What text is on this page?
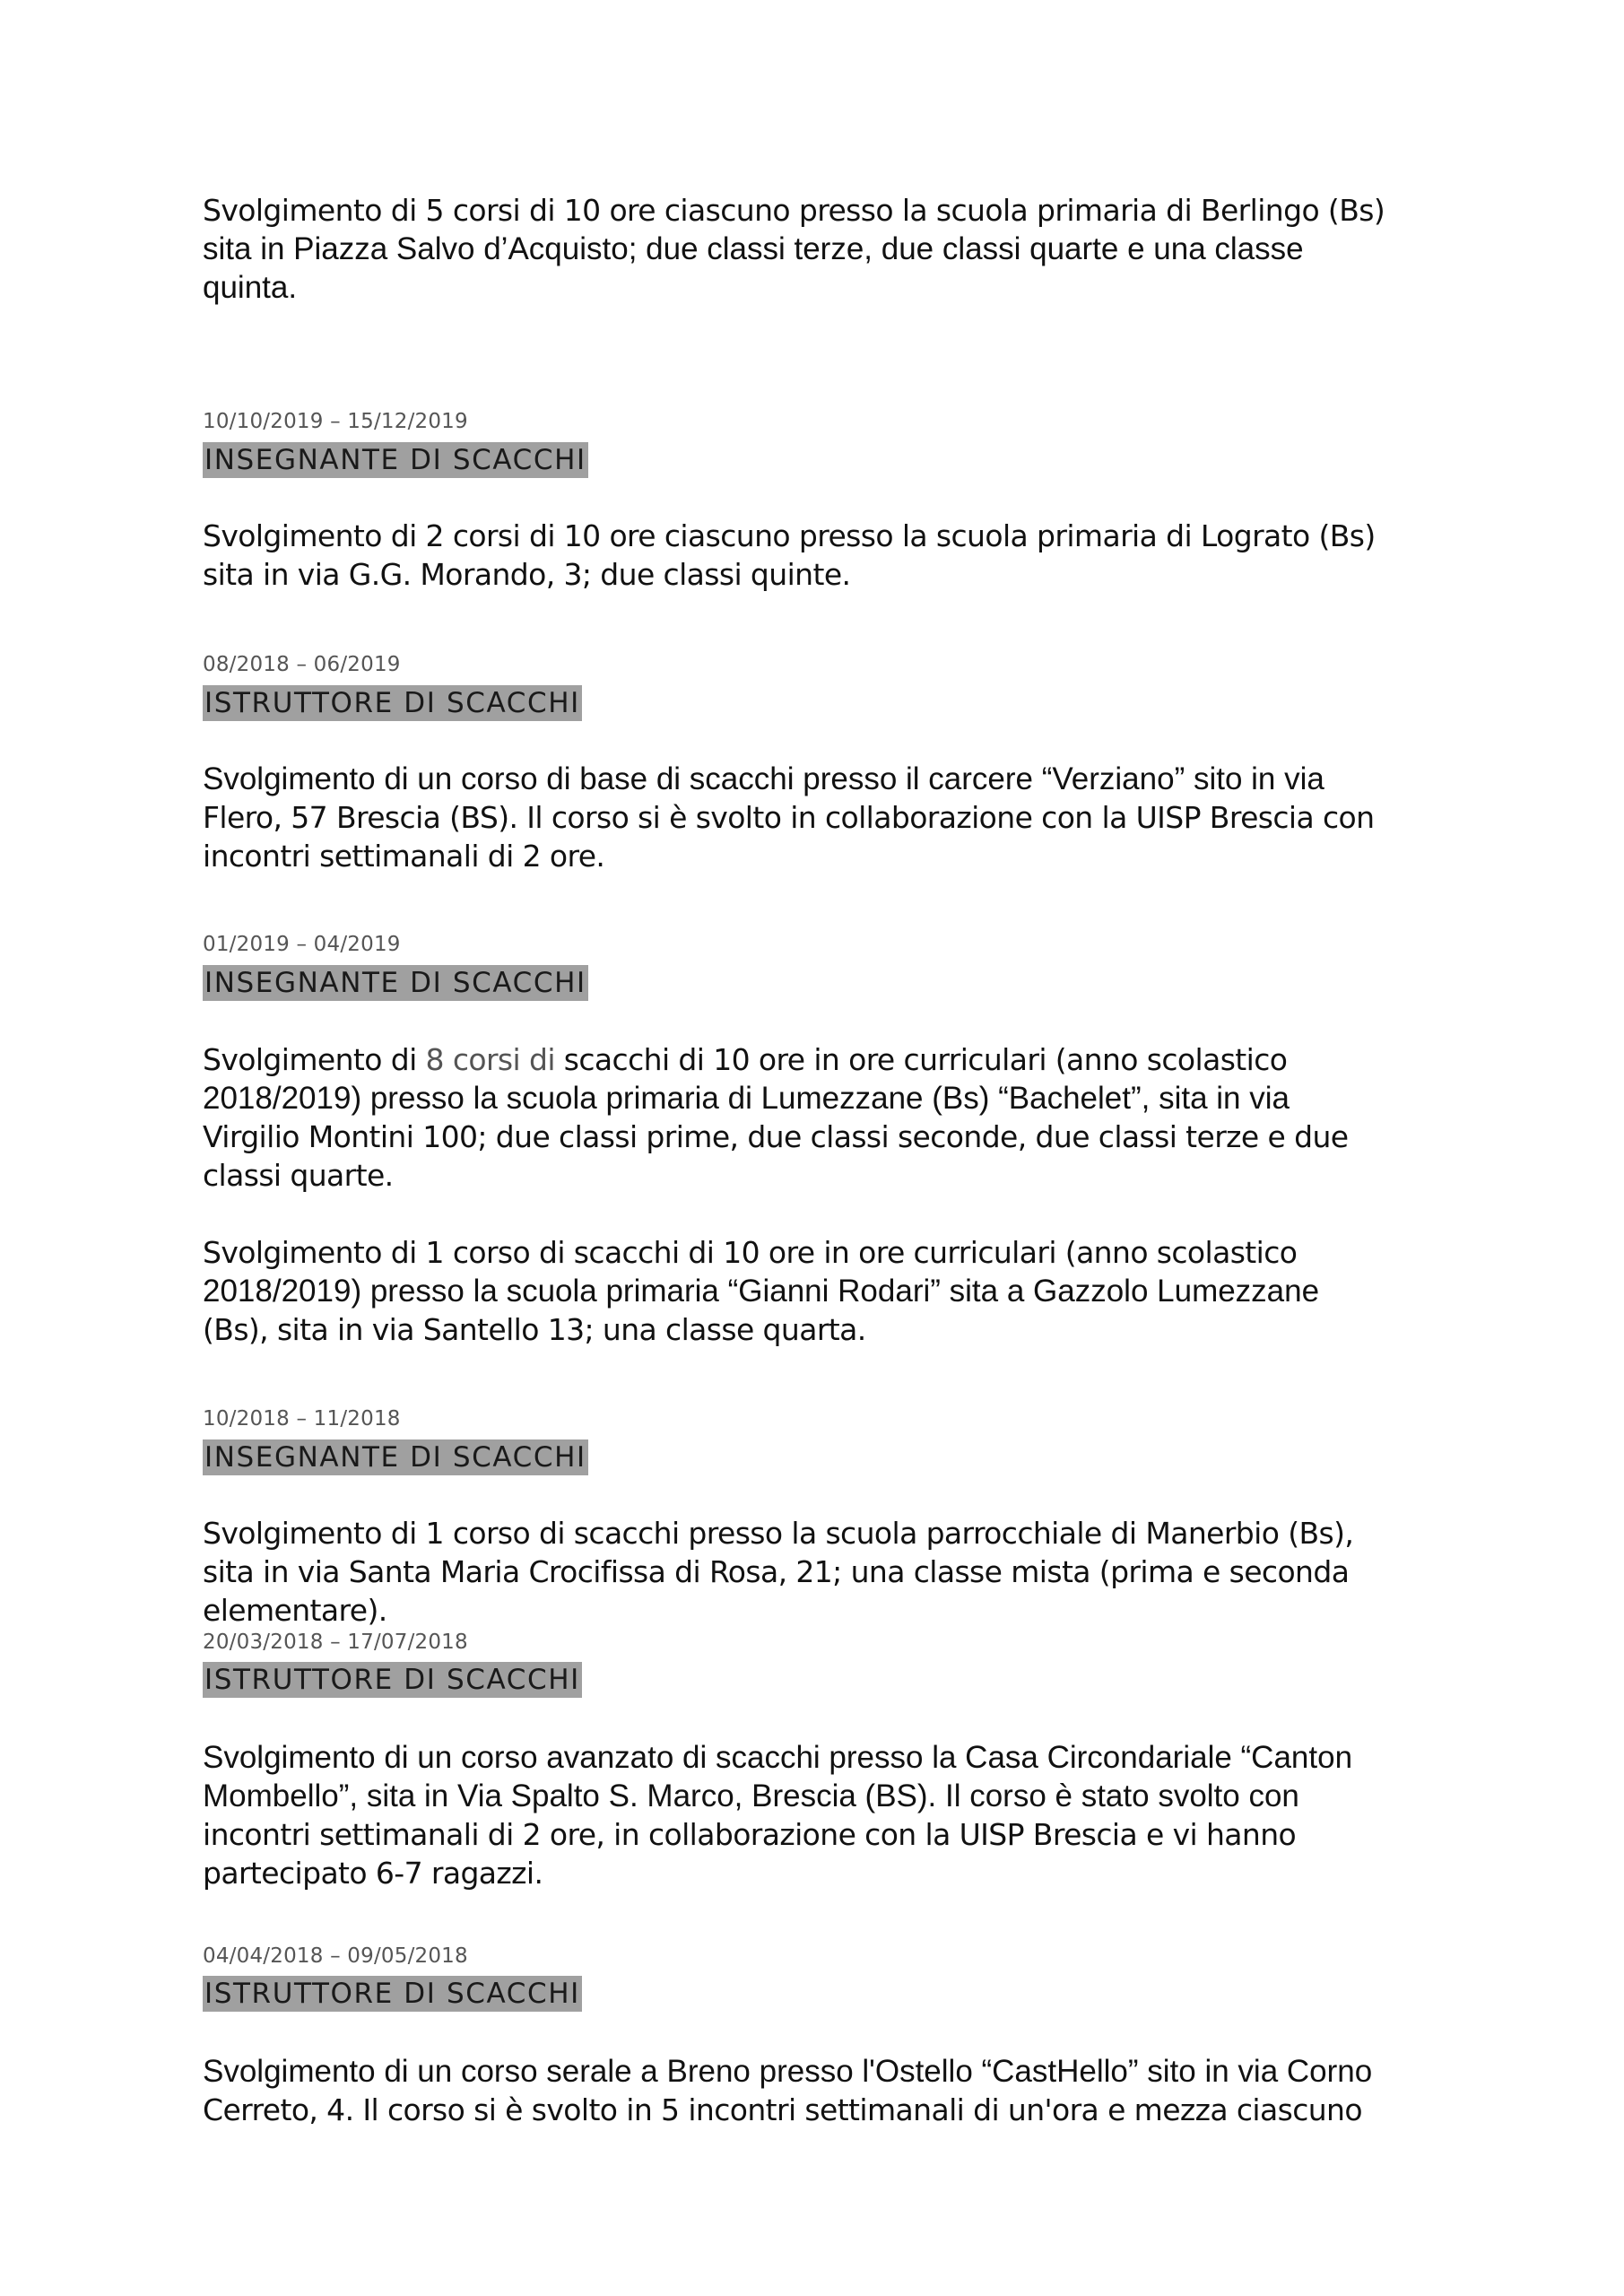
Svolgimento di 5 corsi di 10 ore ciascuno presso la scuola primaria di Berlingo (Bs)
sita in Piazza Salvo d’Acquisto; due classi terze, due classi quarte e una classe
quinta.

10/10/2019 – 15/12/2019
INSEGNANTE DI SCACCHI

Svolgimento di 2 corsi di 10 ore ciascuno presso la scuola primaria di Lograto (Bs)
sita in via G.G. Morando, 3; due classi quinte.

08/2018 – 06/2019
ISTRUTTORE DI SCACCHI

Svolgimento di un corso di base di scacchi presso il carcere “Verziano” sito in via
Flero, 57 Brescia (BS). Il corso si è svolto in collaborazione con la UISP Brescia con
incontri settimanali di 2 ore.

01/2019 – 04/2019
INSEGNANTE DI SCACCHI

Svolgimento di 8 corsi di scacchi di 10 ore in ore curriculari (anno scolastico
2018/2019) presso la scuola primaria di Lumezzane (Bs) “Bachelet”, sita in via
Virgilio Montini 100; due classi prime, due classi seconde, due classi terze e due
classi quarte.

Svolgimento di 1 corso di scacchi di 10 ore in ore curriculari (anno scolastico
2018/2019) presso la scuola primaria “Gianni Rodari” sita a Gazzolo Lumezzane
(Bs), sita in via Santello 13; una classe quarta.

10/2018 – 11/2018
INSEGNANTE DI SCACCHI

Svolgimento di 1 corso di scacchi presso la scuola parrocchiale di Manerbio (Bs),
sita in via Santa Maria Crocifissa di Rosa, 21; una classe mista (prima e seconda
elementare).

20/03/2018 – 17/07/2018
ISTRUTTORE DI SCACCHI

Svolgimento di un corso avanzato di scacchi presso la Casa Circondariale “Canton
Mombello”, sita in Via Spalto S. Marco, Brescia (BS). Il corso è stato svolto con
incontri settimanali di 2 ore, in collaborazione con la UISP Brescia e vi hanno
partecipato 6-7 ragazzi.

04/04/2018 – 09/05/2018
ISTRUTTORE DI SCACCHI

Svolgimento di un corso serale a Breno presso l'Ostello “CastHello” sito in via Corno
Cerreto, 4. Il corso si è svolto in 5 incontri settimanali di un'ora e mezza ciascuno
